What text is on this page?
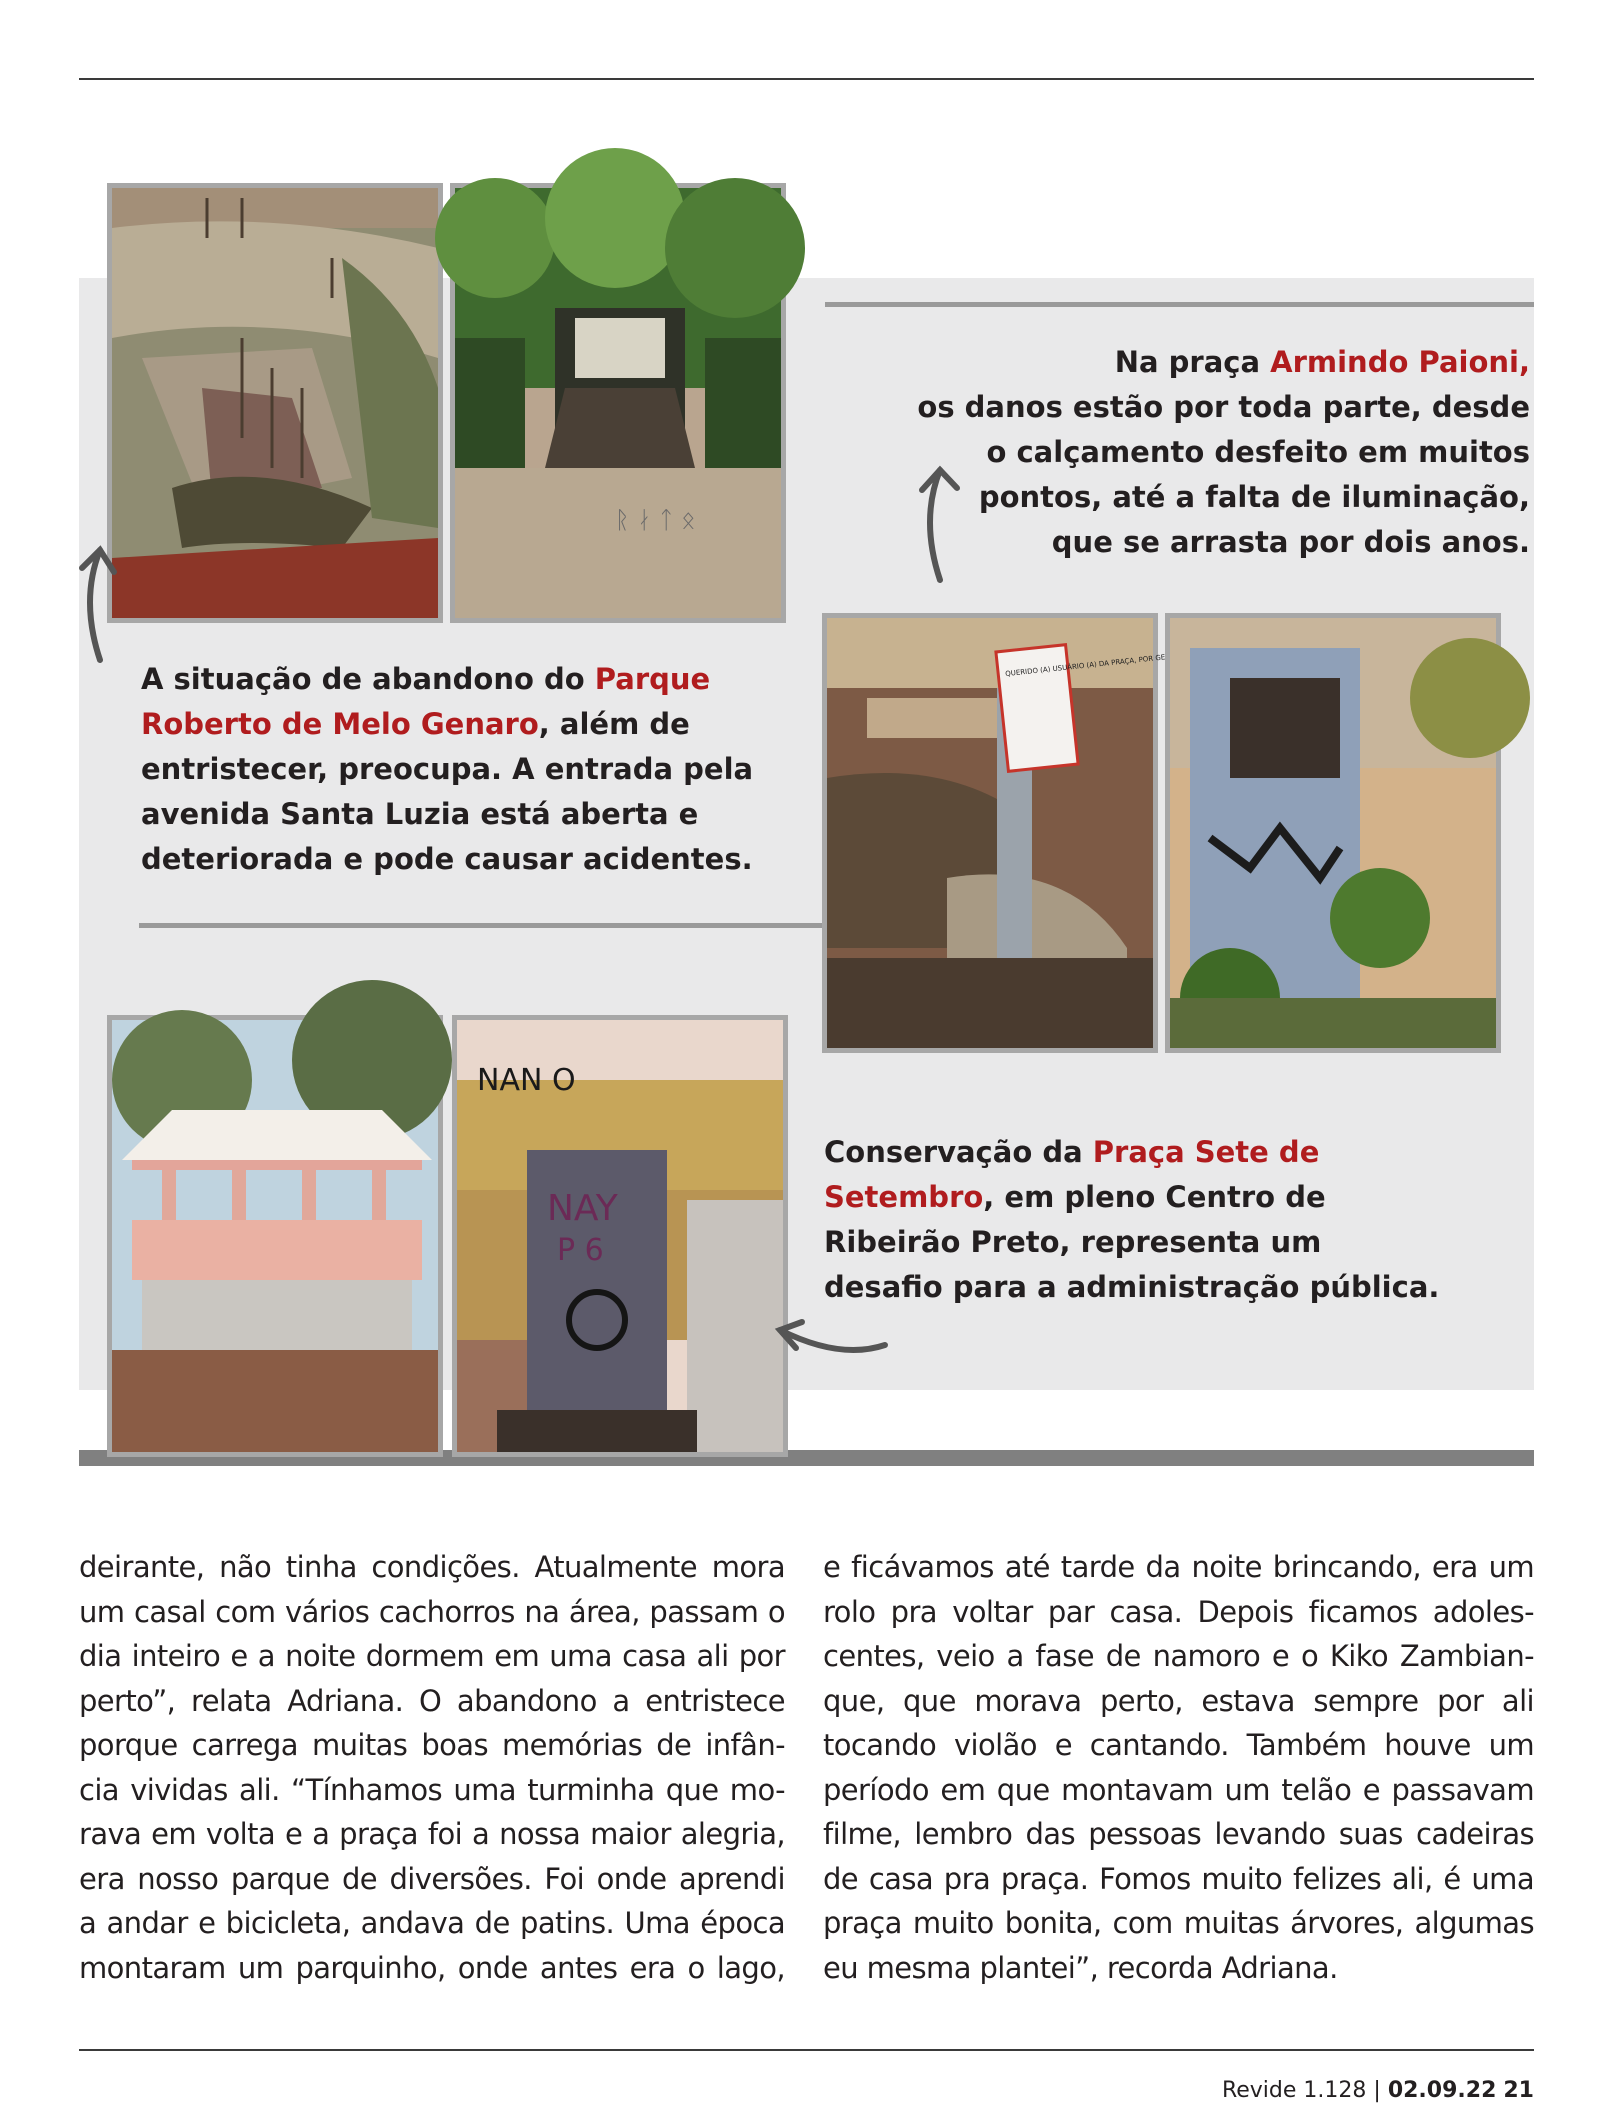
ᚱ ᛅ ᛏ ᛟ
QUERIDO (A) USUÁRIO (A) DA PRAÇA, POR
NAY
P 6
NAN O
Na praça Armindo Paioni,
os danos estão por toda parte, desde
o calçamento desfeito em muitos
pontos, até a falta de iluminação,
que se arrasta por dois anos.
A situação de abandono do Parque
Roberto de Melo Genaro, além de
entristecer, preocupa. A entrada pela
avenida Santa Luzia está aberta e
deteriorada e pode causar acidentes.
Conservação da Praça Sete de
Setembro, em pleno Centro de
Ribeirão Preto, representa um
desafio para a administração pública.
deirante, não tinha condições. Atualmente mora
um casal com vários cachorros na área, passam o
dia inteiro e a noite dormem em uma casa ali por
perto”, relata Adriana. O abandono a entristece
porque carrega muitas boas memórias de infân-
cia vividas ali. “Tínhamos uma turminha que mo-
rava em volta e a praça foi a nossa maior alegria,
era nosso parque de diversões. Foi onde aprendi
a andar e bicicleta, andava de patins. Uma época
montaram um parquinho, onde antes era o lago,
e ficávamos até tarde da noite brincando, era um
rolo pra voltar par casa. Depois ficamos adoles-
centes, veio a fase de namoro e o Kiko Zambian-
que, que morava perto, estava sempre por ali
tocando violão e cantando. Também houve um
período em que montavam um telão e passavam
filme, lembro das pessoas levando suas cadeiras
de casa pra praça. Fomos muito felizes ali, é uma
praça muito bonita, com muitas árvores, algumas
eu mesma plantei”, recorda Adriana.
Revide 1.128 | 02.09.22 21
